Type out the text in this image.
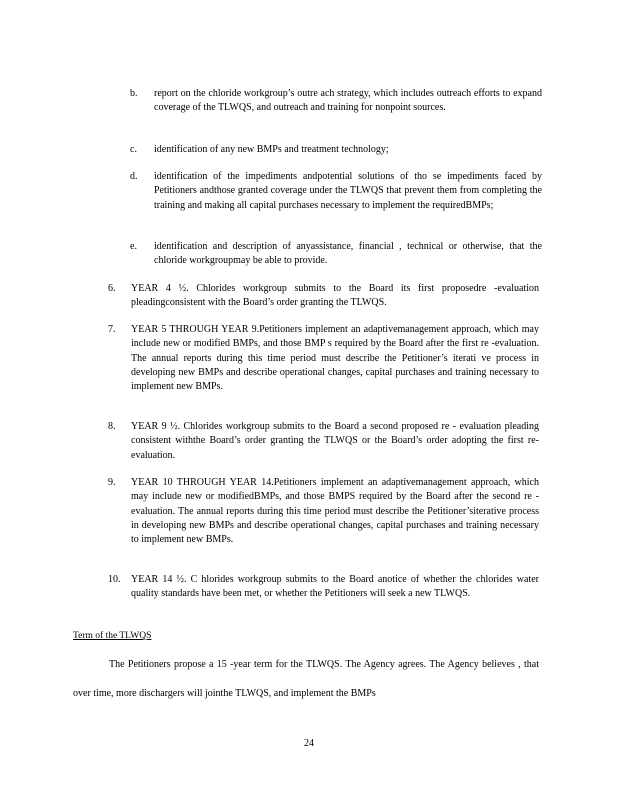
b. report on the chloride workgroup’s outre ach strategy, which includes outreach efforts to expand coverage of the TLWQS, and outreach and training for nonpoint sources.
c. identification of any new BMPs and treatment technology;
d. identification of the impediments andpotential solutions of tho se impediments faced by Petitioners andthose granted coverage under the TLWQS that prevent them from completing the training and making all capital purchases necessary to implement the requiredBMPs;
e. identification and description of anyassistance, financial , technical or otherwise, that the chloride workgroupmay be able to provide.
6. YEAR 4 ½. Chlorides workgroup submits to the Board its first proposedre -evaluation pleadingconsistent with the Board’s order granting the TLWQS.
7. YEAR 5 THROUGH YEAR 9.Petitioners implement an adaptivemanagement approach, which may include new or modified BMPs, and those BMP s required by the Board after the first re -evaluation. The annual reports during this time period must describe the Petitioner’s iterati ve process in developing new BMPs and describe operational changes, capital purchases and training necessary to implement new BMPs.
8. YEAR 9 ½. Chlorides workgroup submits to the Board a second proposed re - evaluation pleading consistent withthe Board’s order granting the TLWQS or the Board’s order adopting the first re-evaluation.
9. YEAR 10 THROUGH YEAR 14.Petitioners implement an adaptivemanagement approach, which may include new or modifiedBMPs, and those BMPS required by the Board after the second re -evaluation. The annual reports during this time period must describe the Petitioner’siterative process in developing new BMPs and describe operational changes, capital purchases and training necessary to implement new BMPs.
10. YEAR 14 ½. C hlorides workgroup submits to the Board anotice of whether the chlorides water quality standards have been met, or whether the Petitioners will seek a new TLWQS.
Term of the TLWQS
The Petitioners propose a 15 -year term for the TLWQS. The Agency agrees. The Agency believes , that over time, more dischargers will jointhe TLWQS, and implement the BMPs
24
